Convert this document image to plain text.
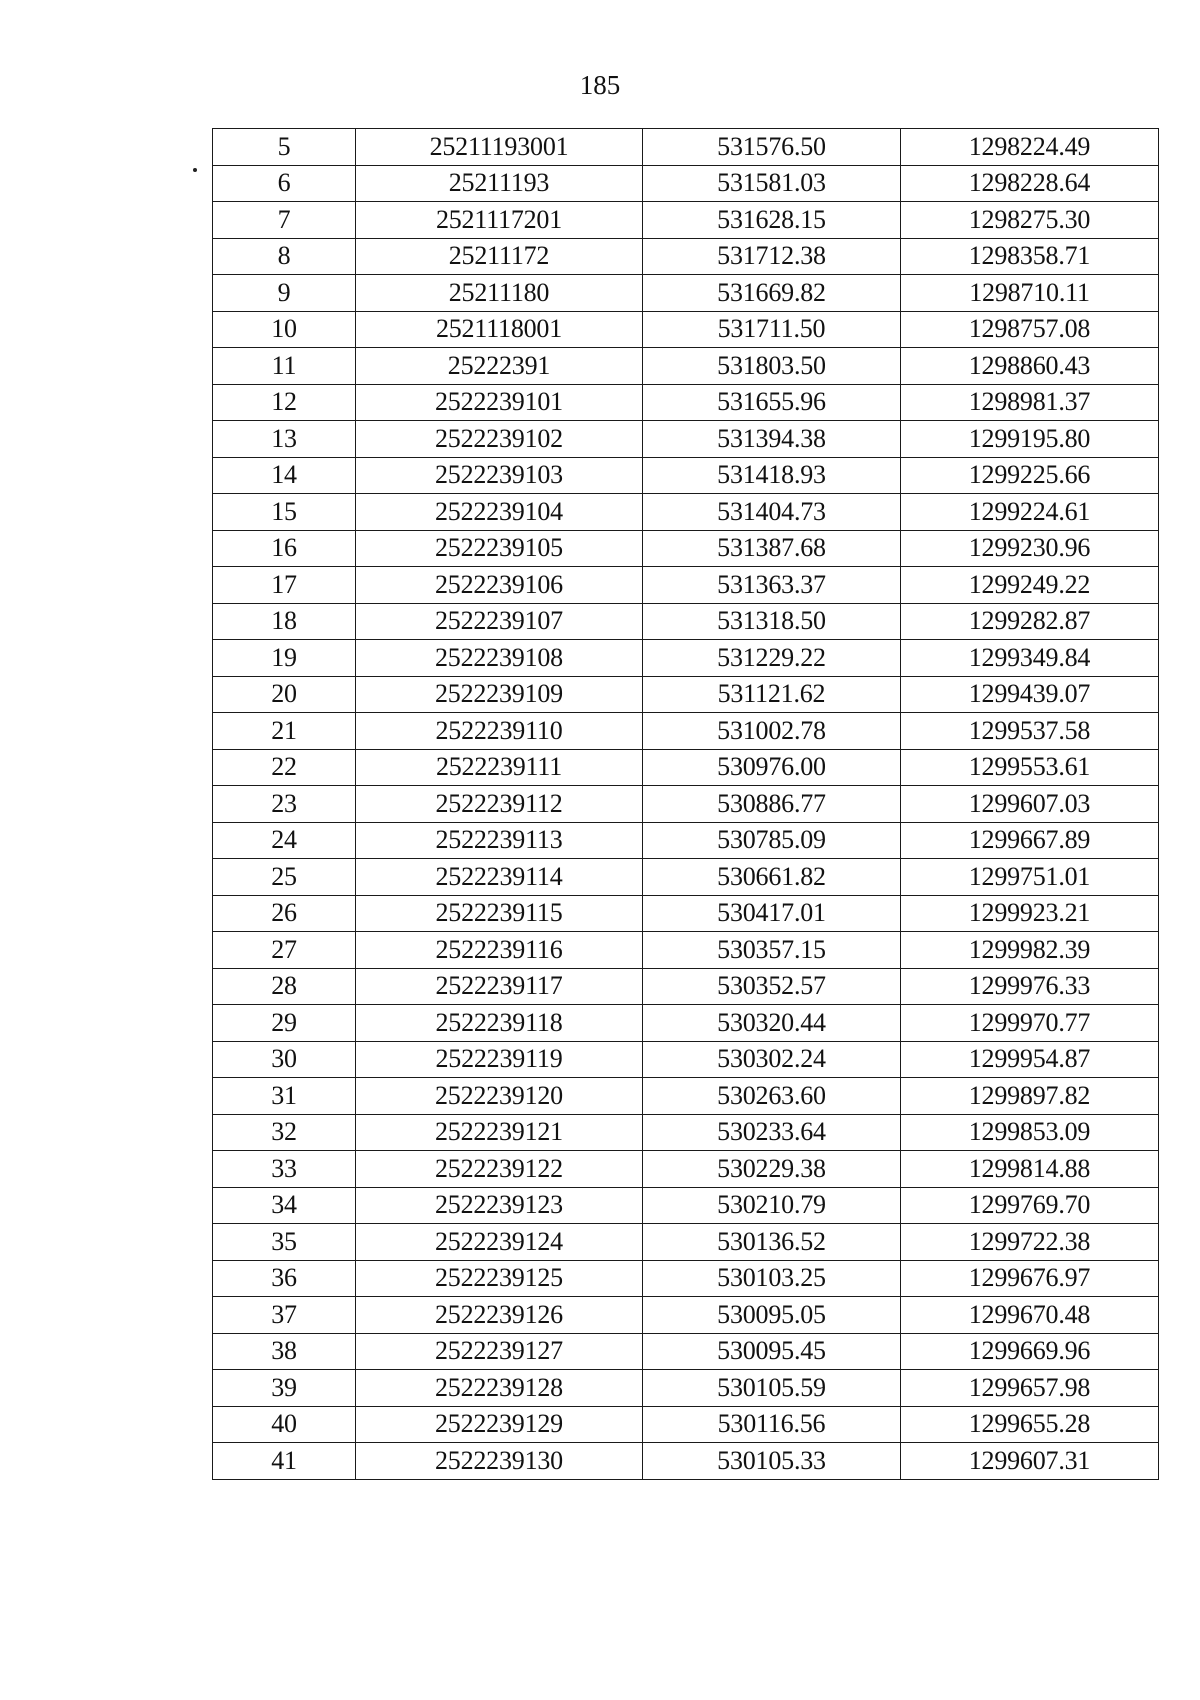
185
5	25211193001	531576.50	1298224.49
6	25211193	531581.03	1298228.64
7	2521117201	531628.15	1298275.30
8	25211172	531712.38	1298358.71
9	25211180	531669.82	1298710.11
10	2521118001	531711.50	1298757.08
11	25222391	531803.50	1298860.43
12	2522239101	531655.96	1298981.37
13	2522239102	531394.38	1299195.80
14	2522239103	531418.93	1299225.66
15	2522239104	531404.73	1299224.61
16	2522239105	531387.68	1299230.96
17	2522239106	531363.37	1299249.22
18	2522239107	531318.50	1299282.87
19	2522239108	531229.22	1299349.84
20	2522239109	531121.62	1299439.07
21	2522239110	531002.78	1299537.58
22	2522239111	530976.00	1299553.61
23	2522239112	530886.77	1299607.03
24	2522239113	530785.09	1299667.89
25	2522239114	530661.82	1299751.01
26	2522239115	530417.01	1299923.21
27	2522239116	530357.15	1299982.39
28	2522239117	530352.57	1299976.33
29	2522239118	530320.44	1299970.77
30	2522239119	530302.24	1299954.87
31	2522239120	530263.60	1299897.82
32	2522239121	530233.64	1299853.09
33	2522239122	530229.38	1299814.88
34	2522239123	530210.79	1299769.70
35	2522239124	530136.52	1299722.38
36	2522239125	530103.25	1299676.97
37	2522239126	530095.05	1299670.48
38	2522239127	530095.45	1299669.96
39	2522239128	530105.59	1299657.98
40	2522239129	530116.56	1299655.28
41	2522239130	530105.33	1299607.31
